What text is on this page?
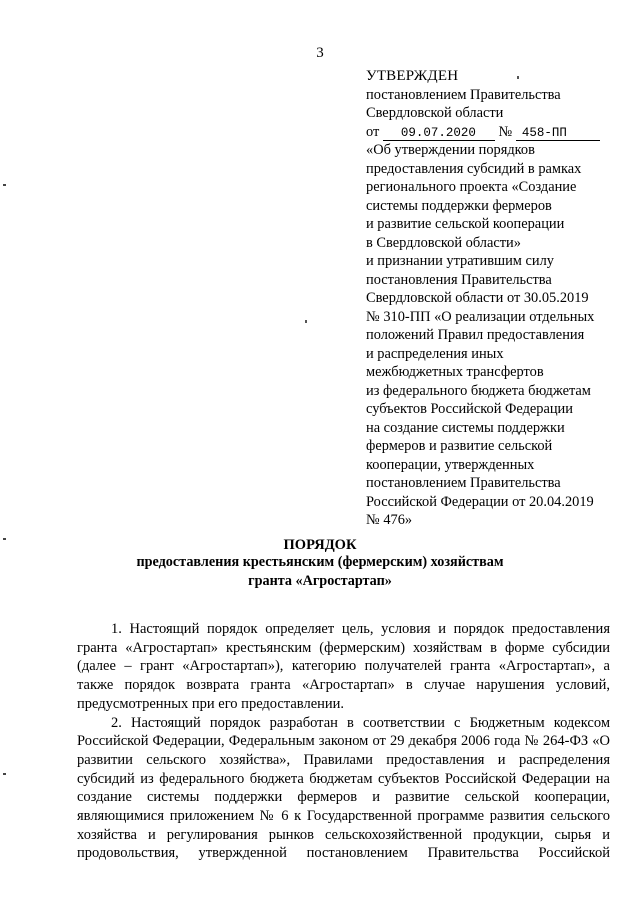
3
УТВЕРЖДЕН
постановлением Правительства
Свердловской области
от 09.07.2020 № 458-ПП
«Об утверждении порядков
предоставления субсидий в рамках
регионального проекта «Создание
системы поддержки фермеров
и развитие сельской кооперации
в Свердловской области»
и признании утратившим силу
постановления Правительства
Свердловской области от 30.05.2019
№ 310-ПП «О реализации отдельных
положений Правил предоставления
и распределения иных
межбюджетных трансфертов
из федерального бюджета бюджетам
субъектов Российской Федерации
на создание системы поддержки
фермеров и развитие сельской
кооперации, утвержденных
постановлением Правительства
Российской Федерации от 20.04.2019
№ 476»
ПОРЯДОК
предоставления крестьянским (фермерским) хозяйствам
гранта «Агростартап»

1. Настоящий порядок определяет цель, условия и порядок предоставления гранта «Агростартап» крестьянским (фермерским) хозяйствам в форме субсидии (далее – грант «Агростартап»), категорию получателей гранта «Агростартап», а также порядок возврата гранта «Агростартап» в случае нарушения условий, предусмотренных при его предоставлении.

2. Настоящий порядок разработан в соответствии с Бюджетным кодексом Российской Федерации, Федеральным законом от 29 декабря 2006 года № 264-ФЗ «О развитии сельского хозяйства», Правилами предоставления и распределения субсидий из федерального бюджета бюджетам субъектов Российской Федерации на создание системы поддержки фермеров и развитие сельской кооперации, являющимися приложением № 6 к Государственной программе развития сельского хозяйства и регулирования рынков сельскохозяйственной продукции, сырья и продовольствия, утвержденной постановлением Правительства Российской
